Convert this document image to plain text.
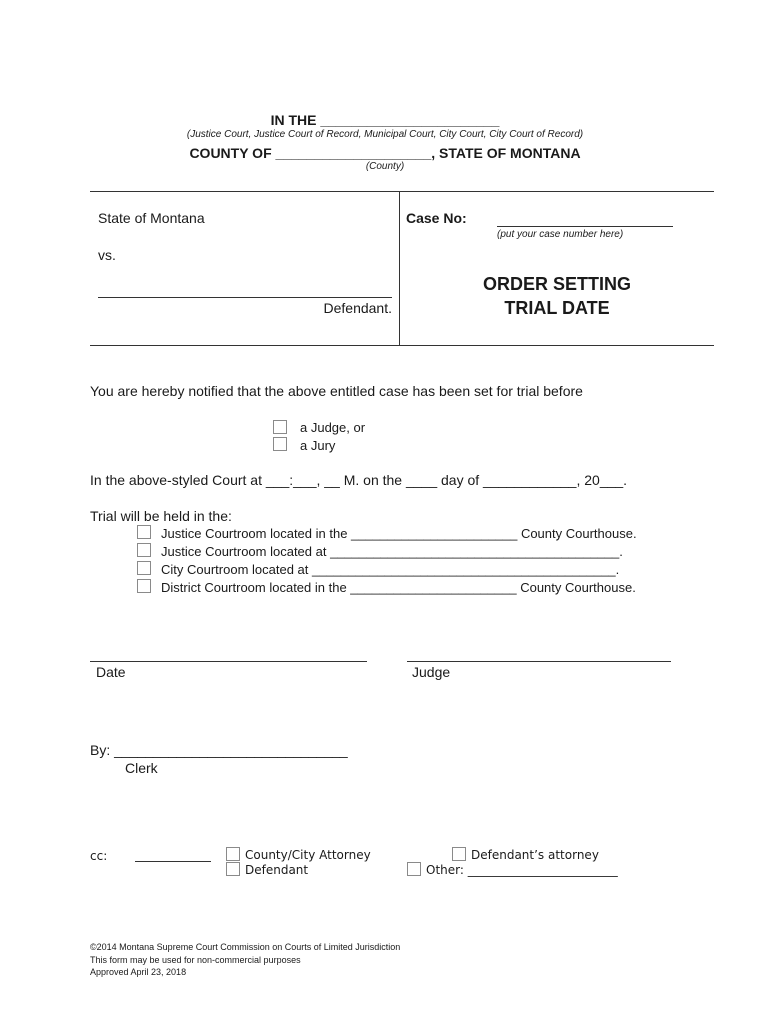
IN THE _______________________
(Justice Court, Justice Court of Record, Municipal Court, City Court, City Court of Record)
COUNTY OF ____________________, STATE OF MONTANA
(County)
State of Montana
vs.
Defendant.
Case No:
(put your case number here)
ORDER SETTING
TRIAL DATE
You are hereby notified that the above entitled case has been set for trial before
a Judge, or
a Jury
In the above-styled Court at ___:___, __ M. on the ____ day of ____________, 20___.
Trial will be held in the:
Justice Courtroom located in the _______________________ County Courthouse.
Justice Courtroom located at ________________________________________.
City Courtroom located at __________________________________________.
District Courtroom located in the _______________________ County Courthouse.
Date	Judge
By: ______________________________
Clerk
cc:	County/City Attorney
Defendant
Defendant’s attorney
Other: _________________________
©2014 Montana Supreme Court Commission on Courts of Limited Jurisdiction
This form may be used for non-commercial purposes
Approved April 23, 2018
